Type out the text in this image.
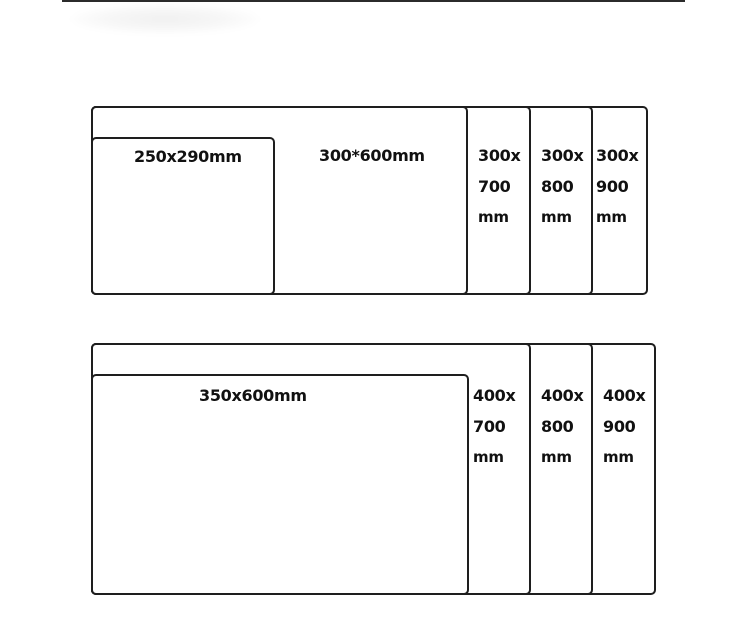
250x290mm	300*600mm	300x
700
mm
300x
800
mm
300x
900
mm
350x600mm	400x
700
mm
400x
800
mm
400x
900
mm
